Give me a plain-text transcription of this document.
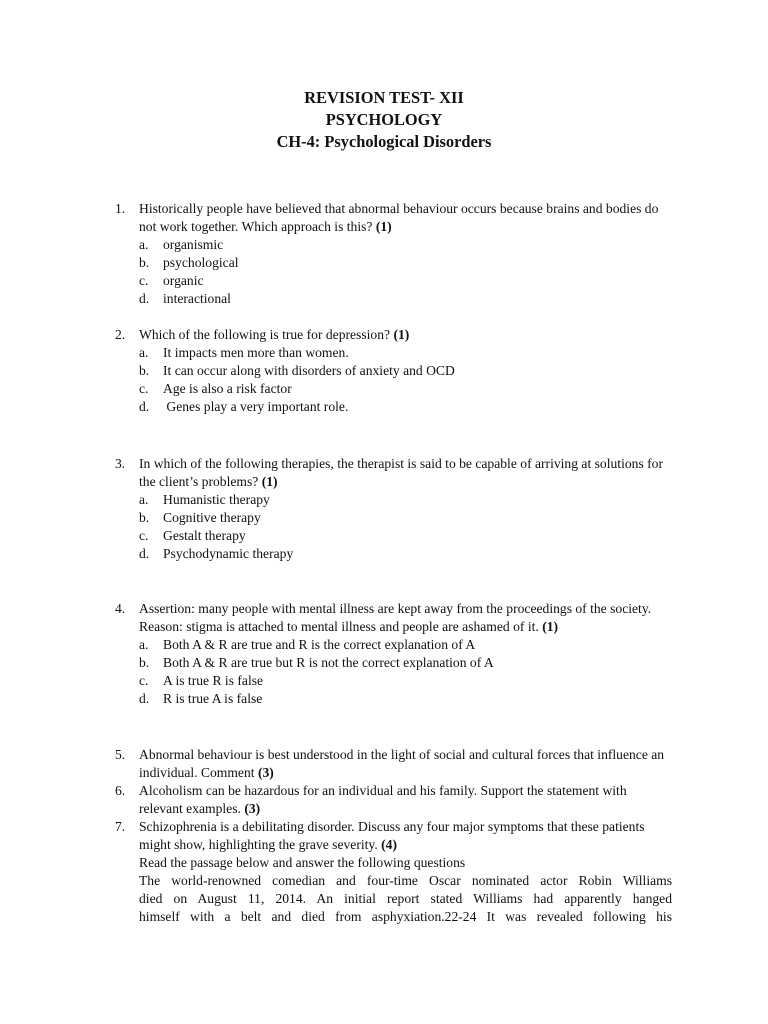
REVISION TEST- XII
PSYCHOLOGY
CH-4: Psychological Disorders
1. Historically people have believed that abnormal behaviour occurs because brains and bodies do not work together. Which approach is this? (1)
a. organismic
b. psychological
c. organic
d. interactional
2. Which of the following is true for depression? (1)
a. It impacts men more than women.
b. It can occur along with disorders of anxiety and OCD
c. Age is also a risk factor
d. Genes play a very important role.
3. In which of the following therapies, the therapist is said to be capable of arriving at solutions for the client’s problems? (1)
a. Humanistic therapy
b. Cognitive therapy
c. Gestalt therapy
d. Psychodynamic therapy
4. Assertion: many people with mental illness are kept away from the proceedings of the society.
Reason: stigma is attached to mental illness and people are ashamed of it. (1)
a. Both A & R are true and R is the correct explanation of A
b. Both A & R are true but R is not the correct explanation of A
c. A is true R is false
d. R is true A is false
5. Abnormal behaviour is best understood in the light of social and cultural forces that influence an individual. Comment (3)
6. Alcoholism can be hazardous for an individual and his family. Support the statement with relevant examples. (3)
7. Schizophrenia is a debilitating disorder. Discuss any four major symptoms that these patients might show, highlighting the grave severity. (4)
Read the passage below and answer the following questions
The world-renowned comedian and four-time Oscar nominated actor Robin Williams
died on August 11, 2014. An initial report stated Williams had apparently hanged
himself with a belt and died from asphyxiation.22-24 It was revealed following his
